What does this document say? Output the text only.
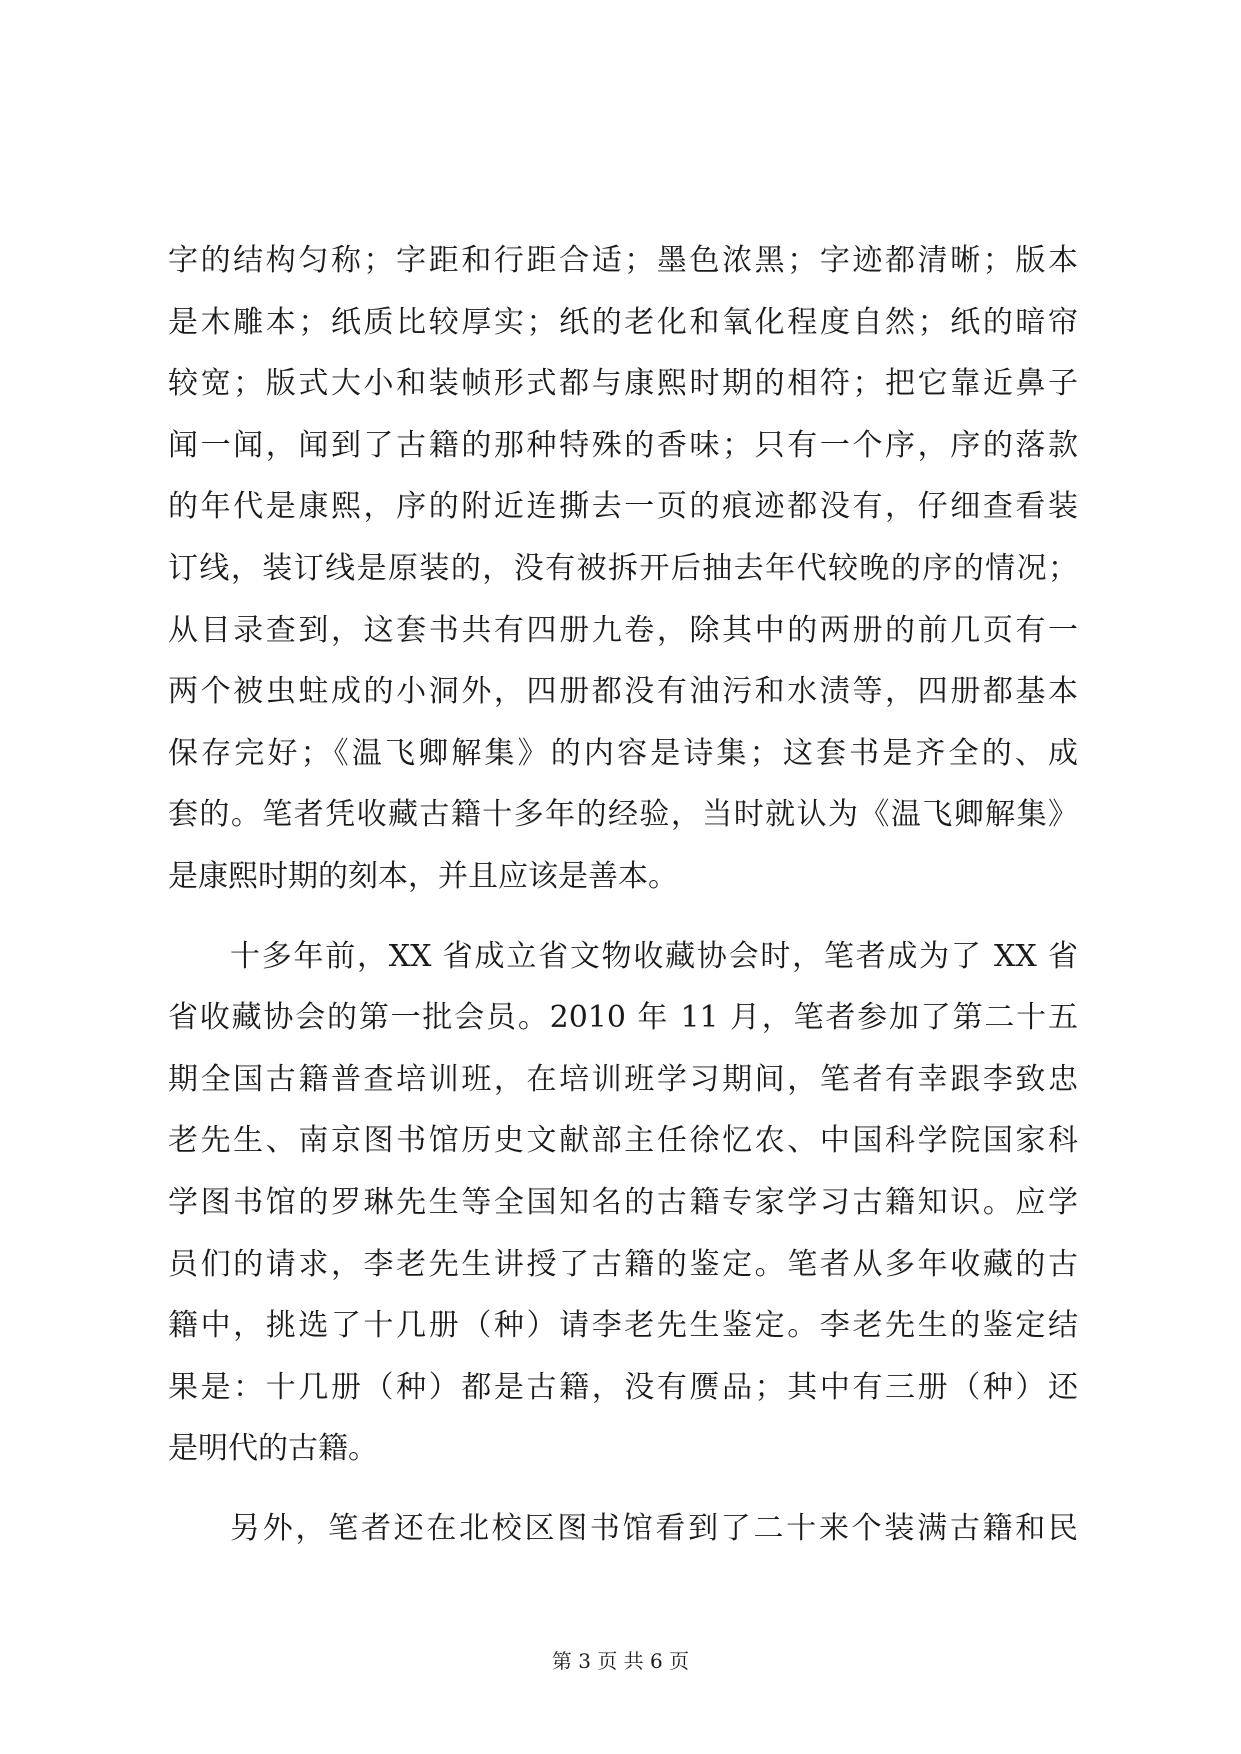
字的结构匀称；字距和行距合适；墨色浓黑；字迹都清晰；版本
是木雕本；纸质比较厚实；纸的老化和氧化程度自然；纸的暗帘
较宽；版式大小和装帧形式都与康熙时期的相符；把它靠近鼻子
闻一闻，闻到了古籍的那种特殊的香味；只有一个序，序的落款
的年代是康熙，序的附近连撕去一页的痕迹都没有，仔细查看装
订线，装订线是原装的，没有被拆开后抽去年代较晚的序的情况；
从目录查到，这套书共有四册九卷，除其中的两册的前几页有一
两个被虫蛀成的小洞外，四册都没有油污和水渍等，四册都基本
保存完好；《温飞卿解集》的内容是诗集；这套书是齐全的、成
套的。笔者凭收藏古籍十多年的经验，当时就认为《温飞卿解集》
是康熙时期的刻本，并且应该是善本。
十多年前，XX 省成立省文物收藏协会时，笔者成为了 XX 省
省收藏协会的第一批会员。2010 年 11 月，笔者参加了第二十五
期全国古籍普查培训班，在培训班学习期间，笔者有幸跟李致忠
老先生、南京图书馆历史文献部主任徐忆农、中国科学院国家科
学图书馆的罗琳先生等全国知名的古籍专家学习古籍知识。应学
员们的请求，李老先生讲授了古籍的鉴定。笔者从多年收藏的古
籍中，挑选了十几册（种）请李老先生鉴定。李老先生的鉴定结
果是：十几册（种）都是古籍，没有赝品；其中有三册（种）还
是明代的古籍。
另外，笔者还在北校区图书馆看到了二十来个装满古籍和民
第 3 页 共 6 页
